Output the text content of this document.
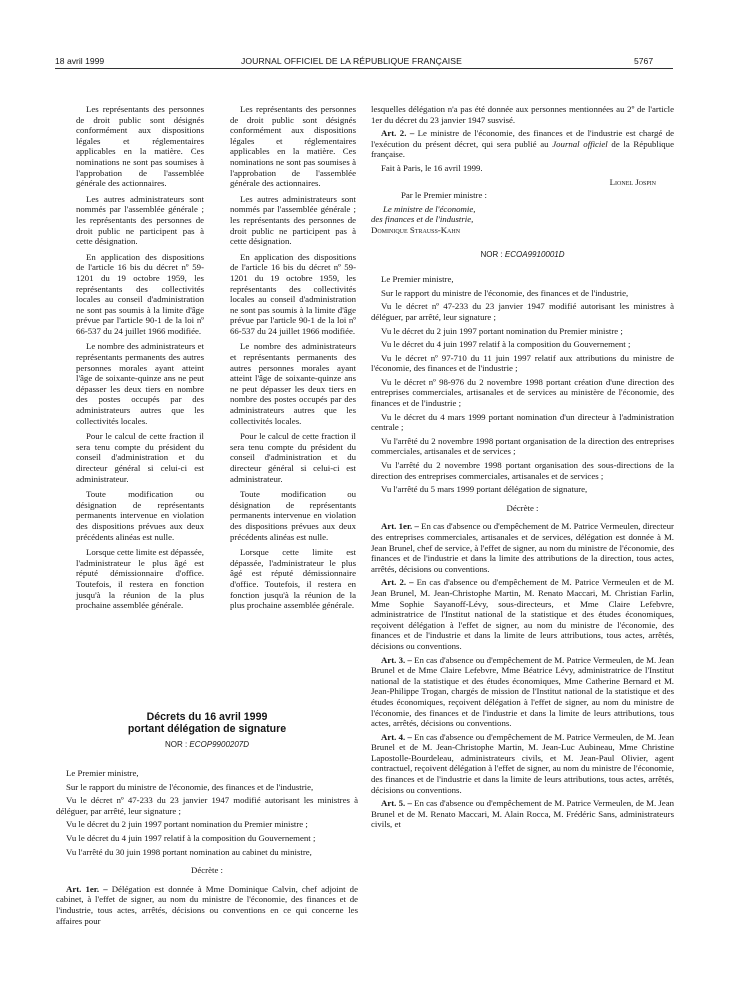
18 avril 1999	JOURNAL OFFICIEL DE LA RÉPUBLIQUE FRANÇAISE	5767

Les représentants des personnes de droit public sont désignés conformément aux dispositions légales et réglementaires applicables en la matière. Ces nominations ne sont pas soumises à l'approbation de l'assemblée générale des actionnaires.

Les autres administrateurs sont nommés par l'assemblée générale ; les représentants des personnes de droit public ne participent pas à cette désignation.

En application des dispositions de l'article 16 bis du décret nº 59-1201 du 19 octobre 1959, les représentants des collectivités locales au conseil d'administration ne sont pas soumis à la limite d'âge prévue par l'article 90-1 de la loi nº 66-537 du 24 juillet 1966 modifiée.

Le nombre des administrateurs et représentants permanents des autres personnes morales ayant atteint l'âge de soixante-quinze ans ne peut dépasser les deux tiers en nombre des postes occupés par des administrateurs autres que les collectivités locales.

Pour le calcul de cette fraction il sera tenu compte du président du conseil d'administration et du directeur général si celui-ci est administrateur.

Toute modification ou désignation de représentants permanents intervenue en violation des dispositions prévues aux deux précédents alinéas est nulle.

Lorsque cette limite est dépassée, l'administrateur le plus âgé est réputé démissionnaire d'office. Toutefois, il restera en fonction jusqu'à la réunion de la plus prochaine assemblée générale.

Les représentants des personnes de droit public sont désignés conformément aux dispositions légales et réglementaires applicables en la matière. Ces nominations ne sont pas soumises à l'approbation de l'assemblée générale des actionnaires.

Les autres administrateurs sont nommés par l'assemblée générale ; les représentants des personnes de droit public ne participent pas à cette désignation.

En application des dispositions de l'article 16 bis du décret nº 59-1201 du 19 octobre 1959, les représentants des collectivités locales au conseil d'administration ne sont pas soumis à la limite d'âge prévue par l'article 90-1 de la loi nº 66-537 du 24 juillet 1966 modifiée.

Le nombre des administrateurs et représentants permanents des autres personnes morales ayant atteint l'âge de soixante-quinze ans ne peut dépasser les deux tiers en nombre des postes occupés par des administrateurs autres que les collectivités locales.

Pour le calcul de cette fraction il sera tenu compte du président du conseil d'administration et du directeur général si celui-ci est administrateur.

Toute modification ou désignation de représentants permanents intervenue en violation des dispositions prévues aux deux précédents alinéas est nulle.

Lorsque cette limite est dépassée, l'administrateur le plus âgé est réputé démissionnaire d'office. Toutefois, il restera en fonction jusqu'à la réunion de la plus prochaine assemblée générale.

Décrets du 16 avril 1999
portant délégation de signature
NOR : ECOP9900207D

Le Premier ministre,

Sur le rapport du ministre de l'économie, des finances et de l'industrie,

Vu le décret nº 47-233 du 23 janvier 1947 modifié autorisant les ministres à déléguer, par arrêté, leur signature ;

Vu le décret du 2 juin 1997 portant nomination du Premier ministre ;

Vu le décret du 4 juin 1997 relatif à la composition du Gouvernement ;

Vu l'arrêté du 30 juin 1998 portant nomination au cabinet du ministre,

Décrète :

Art. 1er. – Délégation est donnée à Mme Dominique Calvin, chef adjoint de cabinet, à l'effet de signer, au nom du ministre de l'économie, des finances et de l'industrie, tous actes, arrêtés, décisions ou conventions en ce qui concerne les affaires pour

lesquelles délégation n'a pas été donnée aux personnes mentionnées au 2º de l'article 1er du décret du 23 janvier 1947 susvisé.

Art. 2. – Le ministre de l'économie, des finances et de l'industrie est chargé de l'exécution du présent décret, qui sera publié au Journal officiel de la République française.

Fait à Paris, le 16 avril 1999.

Lionel Jospin

Par le Premier ministre :

Le ministre de l'économie,

des finances et de l'industrie,

Dominique Strauss-Kahn

NOR : ECOA9910001D

Le Premier ministre,

Sur le rapport du ministre de l'économie, des finances et de l'industrie,

Vu le décret nº 47-233 du 23 janvier 1947 modifié autorisant les ministres à déléguer, par arrêté, leur signature ;

Vu le décret du 2 juin 1997 portant nomination du Premier ministre ;

Vu le décret du 4 juin 1997 relatif à la composition du Gouvernement ;

Vu le décret nº 97-710 du 11 juin 1997 relatif aux attributions du ministre de l'économie, des finances et de l'industrie ;

Vu le décret nº 98-976 du 2 novembre 1998 portant création d'une direction des entreprises commerciales, artisanales et de services au ministère de l'économie, des finances et de l'industrie ;

Vu le décret du 4 mars 1999 portant nomination d'un directeur à l'administration centrale ;

Vu l'arrêté du 2 novembre 1998 portant organisation de la direction des entreprises commerciales, artisanales et de services ;

Vu l'arrêté du 2 novembre 1998 portant organisation des sous-directions de la direction des entreprises commerciales, artisanales et de services ;

Vu l'arrêté du 5 mars 1999 portant délégation de signature,

Décrète :

Art. 1er. – En cas d'absence ou d'empêchement de M. Patrice Vermeulen, directeur des entreprises commerciales, artisanales et de services, délégation est donnée à M. Jean Brunel, chef de service, à l'effet de signer, au nom du ministre de l'économie, des finances et de l'industrie et dans la limite des attributions de la direction, tous actes, arrêtés, décisions ou conventions.

Art. 2. – En cas d'absence ou d'empêchement de M. Patrice Vermeulen et de M. Jean Brunel, M. Jean-Christophe Martin, M. Renato Maccari, M. Christian Farlin, Mme Sophie Sayanoff-Lévy, sous-directeurs, et Mme Claire Lefebvre, administratrice de l'Institut national de la statistique et des études économiques, reçoivent délégation à l'effet de signer, au nom du ministre de l'économie, des finances et de l'industrie et dans la limite de leurs attributions, tous actes, arrêtés, décisions ou conventions.

Art. 3. – En cas d'absence ou d'empêchement de M. Patrice Vermeulen, de M. Jean Brunel et de Mme Claire Lefebvre, Mme Béatrice Lévy, administratrice de l'Institut national de la statistique et des études économiques, Mme Catherine Bernard et M. Jean-Philippe Trogan, chargés de mission de l'Institut national de la statistique et des études économiques, reçoivent délégation à l'effet de signer, au nom du ministre de l'économie, des finances et de l'industrie et dans la limite de leurs attributions, tous actes, arrêtés, décisions ou conventions.

Art. 4. – En cas d'absence ou d'empêchement de M. Patrice Vermeulen, de M. Jean Brunel et de M. Jean-Christophe Martin, M. Jean-Luc Aubineau, Mme Christine Lapostolle-Bourdeleau, administrateurs civils, et M. Jean-Paul Olivier, agent contractuel, reçoivent délégation à l'effet de signer, au nom du ministre de l'économie, des finances et de l'industrie et dans la limite de leurs attributions, tous actes, arrêtés, décisions ou conventions.

Art. 5. – En cas d'absence ou d'empêchement de M. Patrice Vermeulen, de M. Jean Brunel et de M. Renato Maccari, M. Alain Rocca, M. Frédéric Sans, administrateurs civils, et
